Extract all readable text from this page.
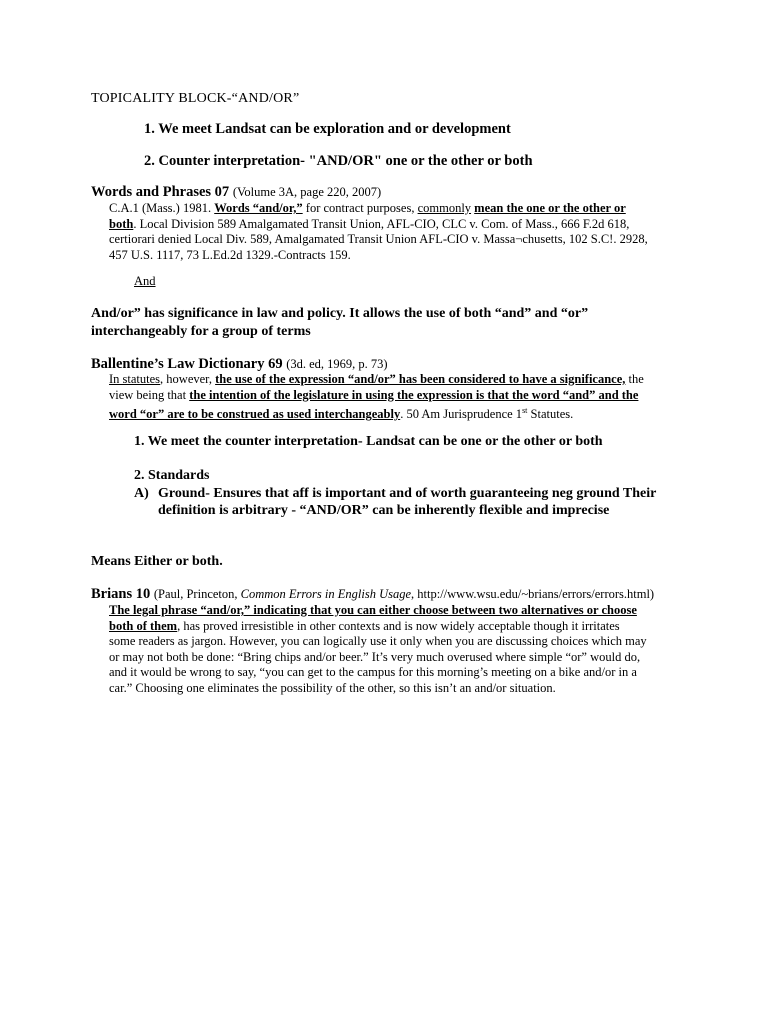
TOPICALITY BLOCK-“AND/OR”
1. We meet Landsat can be exploration and or development
2. Counter interpretation- "AND/OR" one or the other or both
Words and Phrases 07 (Volume 3A, page 220, 2007)
C.A.1 (Mass.) 1981. Words “and/or,” for contract purposes, commonly mean the one or the other or both. Local Division 589 Amalgamated Transit Union, AFL-CIO, CLC v. Com. of Mass., 666 F.2d 618, certiorari denied Local Div. 589, Amalgamated Transit Union AFL-CIO v. Massa¬chusetts, 102 S.C!. 2928, 457 U.S. 1117, 73 L.Ed.2d 1329.-Contracts 159.
And
And/or” has significance in law and policy. It allows the use of both “and” and “or” interchangeably for a group of terms
Ballentine’s Law Dictionary 69 (3d. ed, 1969, p. 73)
In statutes, however, the use of the expression “and/or” has been considered to have a significance, the view being that the intention of the legislature in using the expression is that the word “and” and the word “or” are to be construed as used interchangeably. 50 Am Jurisprudence 1st Statutes.
1. We meet the counter interpretation- Landsat can be one or the other or both
2. Standards
A) Ground- Ensures that aff is important and of worth guaranteeing neg ground Their definition is arbitrary - “AND/OR” can be inherently flexible and imprecise
Means Either or both.
Brians 10 (Paul, Princeton, Common Errors in English Usage, http://www.wsu.edu/~brians/errors/errors.html)
The legal phrase “and/or,” indicating that you can either choose between two alternatives or choose both of them, has proved irresistible in other contexts and is now widely acceptable though it irritates some readers as jargon. However, you can logically use it only when you are discussing choices which may or may not both be done: “Bring chips and/or beer.” It’s very much overused where simple “or” would do, and it would be wrong to say, “you can get to the campus for this morning’s meeting on a bike and/or in a car.” Choosing one eliminates the possibility of the other, so this isn’t an and/or situation.
